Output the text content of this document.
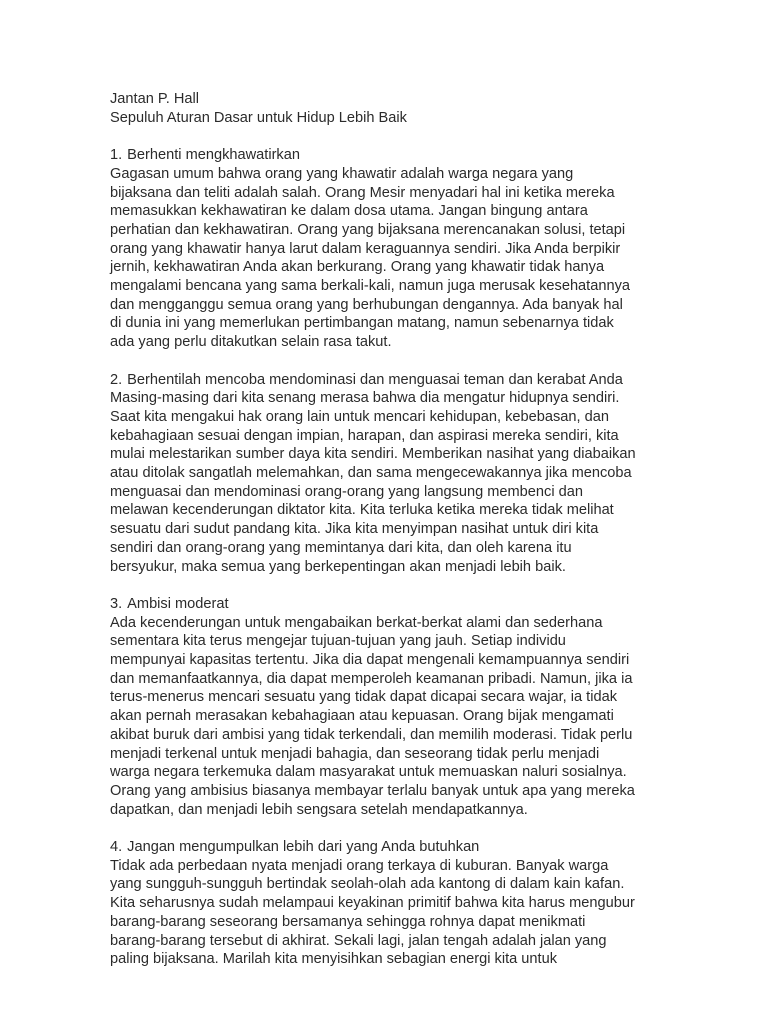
Jantan P. Hall
Sepuluh Aturan Dasar untuk Hidup Lebih Baik
1. Berhenti mengkhawatirkan
Gagasan umum bahwa orang yang khawatir adalah warga negara yang
bijaksana dan teliti adalah salah. Orang Mesir menyadari hal ini ketika mereka
memasukkan kekhawatiran ke dalam dosa utama. Jangan bingung antara
perhatian dan kekhawatiran. Orang yang bijaksana merencanakan solusi, tetapi
orang yang khawatir hanya larut dalam keraguannya sendiri. Jika Anda berpikir
jernih, kekhawatiran Anda akan berkurang. Orang yang khawatir tidak hanya
mengalami bencana yang sama berkali-kali, namun juga merusak kesehatannya
dan mengganggu semua orang yang berhubungan dengannya. Ada banyak hal
di dunia ini yang memerlukan pertimbangan matang, namun sebenarnya tidak
ada yang perlu ditakutkan selain rasa takut.
2. Berhentilah mencoba mendominasi dan menguasai teman dan kerabat Anda
Masing-masing dari kita senang merasa bahwa dia mengatur hidupnya sendiri.
Saat kita mengakui hak orang lain untuk mencari kehidupan, kebebasan, dan
kebahagiaan sesuai dengan impian, harapan, dan aspirasi mereka sendiri, kita
mulai melestarikan sumber daya kita sendiri. Memberikan nasihat yang diabaikan
atau ditolak sangatlah melemahkan, dan sama mengecewakannya jika mencoba
menguasai dan mendominasi orang-orang yang langsung membenci dan
melawan kecenderungan diktator kita. Kita terluka ketika mereka tidak melihat
sesuatu dari sudut pandang kita. Jika kita menyimpan nasihat untuk diri kita
sendiri dan orang-orang yang memintanya dari kita, dan oleh karena itu
bersyukur, maka semua yang berkepentingan akan menjadi lebih baik.
3. Ambisi moderat
Ada kecenderungan untuk mengabaikan berkat-berkat alami dan sederhana
sementara kita terus mengejar tujuan-tujuan yang jauh. Setiap individu
mempunyai kapasitas tertentu. Jika dia dapat mengenali kemampuannya sendiri
dan memanfaatkannya, dia dapat memperoleh keamanan pribadi. Namun, jika ia
terus-menerus mencari sesuatu yang tidak dapat dicapai secara wajar, ia tidak
akan pernah merasakan kebahagiaan atau kepuasan. Orang bijak mengamati
akibat buruk dari ambisi yang tidak terkendali, dan memilih moderasi. Tidak perlu
menjadi terkenal untuk menjadi bahagia, dan seseorang tidak perlu menjadi
warga negara terkemuka dalam masyarakat untuk memuaskan naluri sosialnya.
Orang yang ambisius biasanya membayar terlalu banyak untuk apa yang mereka
dapatkan, dan menjadi lebih sengsara setelah mendapatkannya.
4. Jangan mengumpulkan lebih dari yang Anda butuhkan
Tidak ada perbedaan nyata menjadi orang terkaya di kuburan. Banyak warga
yang sungguh-sungguh bertindak seolah-olah ada kantong di dalam kain kafan.
Kita seharusnya sudah melampaui keyakinan primitif bahwa kita harus mengubur
barang-barang seseorang bersamanya sehingga rohnya dapat menikmati
barang-barang tersebut di akhirat. Sekali lagi, jalan tengah adalah jalan yang
paling bijaksana. Marilah kita menyisihkan sebagian energi kita untuk
